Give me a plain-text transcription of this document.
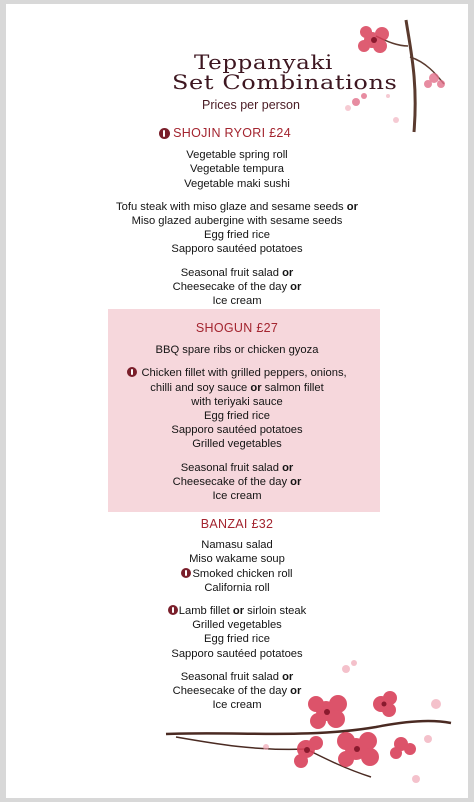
Teppanyaki
Set Combinations
Prices per person

SHOJIN RYORI £24

Vegetable spring roll

Vegetable tempura

Vegetable maki sushi

Tofu steak with miso glaze and sesame seeds or

Miso glazed aubergine with sesame seeds

Egg fried rice

Sapporo sautéed potatoes

Seasonal fruit salad or

Cheesecake of the day or

Ice cream

SHOGUN £27

BBQ spare ribs or chicken gyoza

Chicken fillet with grilled peppers, onions,

chilli and soy sauce or salmon fillet

with teriyaki sauce

Egg fried rice

Sapporo sautéed potatoes

Grilled vegetables

Seasonal fruit salad or

Cheesecake of the day or

Ice cream

BANZAI £32

Namasu salad

Miso wakame soup

Smoked chicken roll

California roll

Lamb fillet or sirloin steak

Grilled vegetables

Egg fried rice

Sapporo sautéed potatoes

Seasonal fruit salad or

Cheesecake of the day or

Ice cream
